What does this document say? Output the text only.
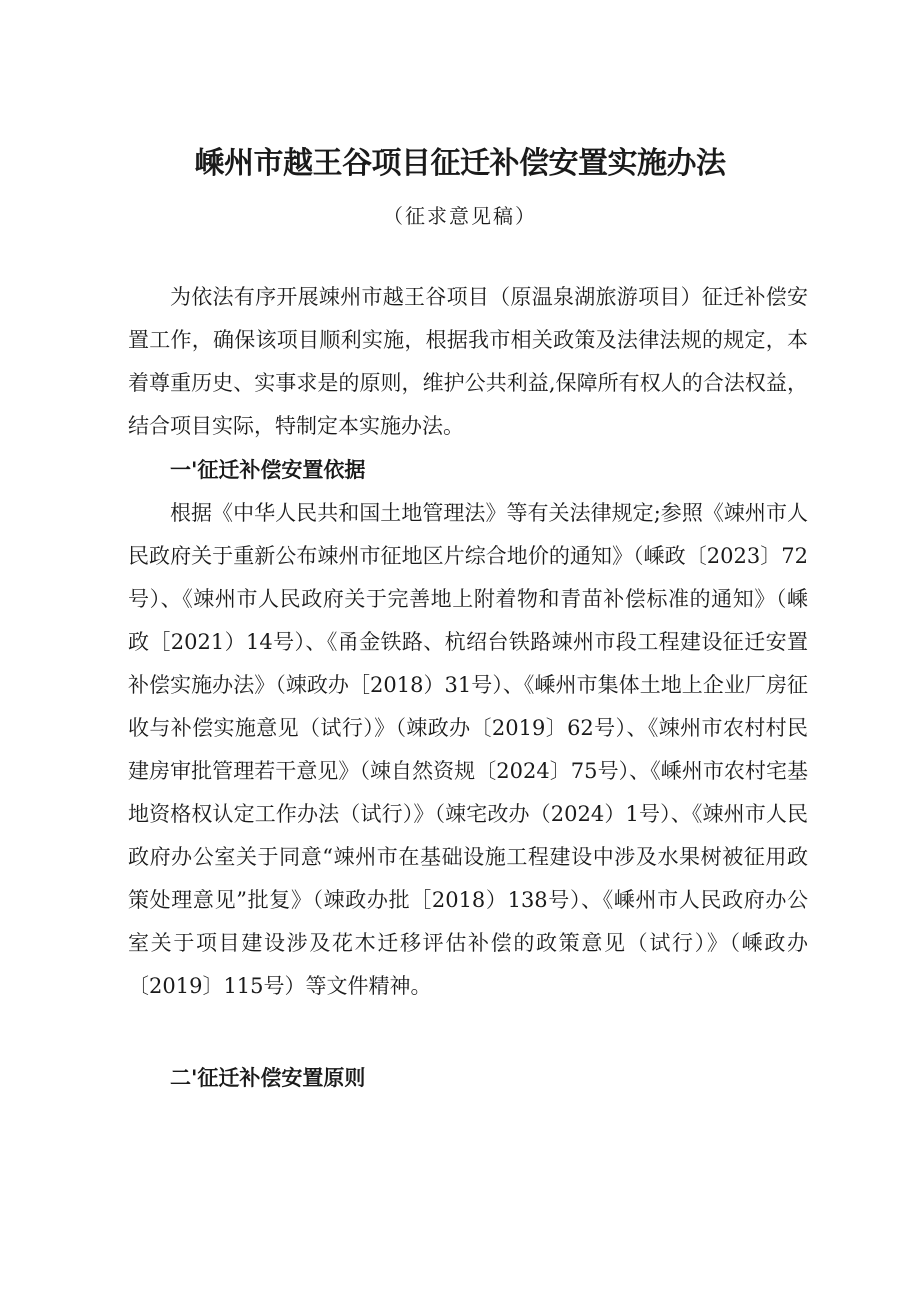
嵊州市越王谷项目征迁补偿安置实施办法
（征求意见稿）

为依法有序开展竦州市越王谷项目（原温泉湖旅游项目）征迁补偿安置工作，确保该项目顺利实施，根据我市相关政策及法律法规的规定，本着尊重历史、实事求是的原则，维护公共利益,保障所有权人的合法权益，结合项目实际，特制定本实施办法。

一'征迁补偿安置依据

根据《中华人民共和国土地管理法》等有关法律规定;参照《竦州市人民政府关于重新公布竦州市征地区片综合地价的通知》（嵊政〔2023〕72号）、《竦州市人民政府关于完善地上附着物和青苗补偿标准的通知》（嵊政［2021）14号）、《甬金铁路、杭绍台铁路竦州市段工程建设征迁安置补偿实施办法》（竦政办［2018）31号）、《嵊州市集体土地上企业厂房征收与补偿实施意见（试行）》（竦政办〔2019〕62号）、《竦州市农村村民建房审批管理若干意见》（竦自然资规〔2024〕75号）、《嵊州市农村宅基地资格权认定工作办法（试行）》（竦宅改办（2024）1号）、《竦州市人民政府办公室关于同意“竦州市在基础设施工程建设中涉及水果树被征用政策处理意见”批复》（竦政办批［2018）138号）、《嵊州市人民政府办公室关于项目建设涉及花木迁移评估补偿的政策意见（试行）》（嵊政办〔2019〕115号）等文件精神。

二'征迁补偿安置原则
